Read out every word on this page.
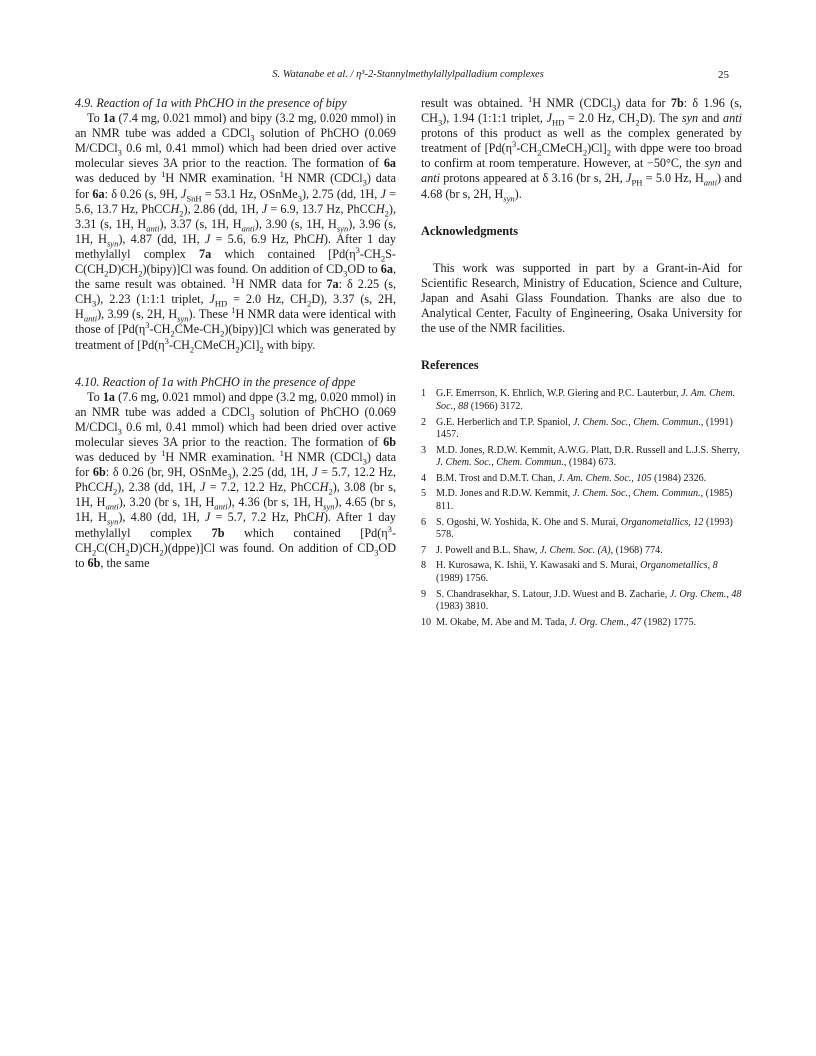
S. Watanabe et al. / η³-2-Stannylmethylallylpalladium complexes	25

4.9. Reaction of 1a with PhCHO in the presence of bipy

To 1a (7.4 mg, 0.021 mmol) and bipy (3.2 mg, 0.020 mmol) in an NMR tube was added a CDCl$_3$ solution of PhCHO (0.069 M/CDCl$_3$ 0.6 ml, 0.41 mmol) which had been dried over active molecular sieves 3A prior to the reaction. The formation of 6a was deduced by $^1$H NMR examination. $^1$H NMR (CDCl$_3$) data for 6a: δ 0.26 (s, 9H, $J_{SnH} = 53.1$ Hz, OSnMe$_3$), 2.75 (dd, 1H, J = 5.6, 13.7 Hz, PhCCH$_2$), 2.86 (dd, 1H, J = 6.9, 13.7 Hz, PhCCH$_2$), 3.31 (s, 1H, $H_{anti}$), 3.37 (s, 1H, $H_{anti}$), 3.90 (s, 1H, $H_{syn}$), 3.96 (s, 1H, $H_{syn}$), 4.87 (dd, 1H, J = 5.6, 6.9 Hz, PhCH). After 1 day methylallyl complex 7a which contained $[Pd(\eta^3-CH_2S-C(CH_2D)CH_2)(bipy)]Cl$ was found. On addition of $CD_3OD$ to 6a, the same result was obtained. $^1$H NMR data for 7a: δ 2.25 (s, $CH_3$), 2.23 (1:1:1 triplet, $J_{HD} = 2.0$ Hz, $CH_2D$), 3.37 (s, 2H, $H_{anti}$), 3.99 (s, 2H, $H_{syn}$). These $^1$H NMR data were identical with those of $[Pd(\eta^3-CH_2CMe-CH_2)(bipy)]Cl$ which was generated by treatment of $[Pd(\eta^3-CH_2CMeCH_2)Cl]_2$ with bipy.

4.10. Reaction of 1a with PhCHO in the presence of dppe

To 1a (7.6 mg, 0.021 mmol) and dppe (3.2 mg, 0.020 mmol) in an NMR tube was added a CDCl$_3$ solution of PhCHO (0.069 M/CDCl$_3$ 0.6 ml, 0.41 mmol) which had been dried over active molecular sieves 3A prior to the reaction. The formation of 6b was deduced by $^1$H NMR examination. $^1$H NMR (CDCl$_3$) data for 6b: δ 0.26 (br, 9H, OSnMe$_3$), 2.25 (dd, 1H, J = 5.7, 12.2 Hz, PhCCH$_2$), 2.38 (dd, 1H, J = 7.2, 12.2 Hz, PhCCH$_2$), 3.08 (br s, 1H, $H_{anti}$), 3.20 (br s, 1H, $H_{anti}$), 4.36 (br s, 1H, $H_{syn}$), 4.65 (br s, 1H, $H_{syn}$), 4.80 (dd, 1H, J = 5.7, 7.2 Hz, PhCH). After 1 day methylallyl complex 7b which contained $[Pd(\eta^3-CH_2C(CH_2D)CH_2)(dppe)]Cl$ was found. On addition of $CD_3OD$ to 6b, the same

result was obtained. $^1$H NMR (CDCl$_3$) data for 7b: δ 1.96 (s, $CH_3$), 1.94 (1:1:1 triplet, $J_{HD} = 2.0$ Hz, $CH_2D$). The syn and anti protons of this product as well as the complex generated by treatment of $[Pd(\eta^3-CH_2CMeCH_2)Cl]_2$ with dppe were too broad to confirm at room temperature. However, at −50°C, the syn and anti protons appeared at δ 3.16 (br s, 2H, $J_{PH} = 5.0$ Hz, $H_{anti}$) and 4.68 (br s, 2H, $H_{syn}$).

Acknowledgments

This work was supported in part by a Grant-in-Aid for Scientific Research, Ministry of Education, Science and Culture, Japan and Asahi Glass Foundation. Thanks are also due to Analytical Center, Faculty of Engineering, Osaka University for the use of the NMR facilities.

References

1 G.F. Emerrson, K. Ehrlich, W.P. Giering and P.C. Lauterbur, J. Am. Chem. Soc., 88 (1966) 3172.
2 G.E. Herberlich and T.P. Spaniol, J. Chem. Soc., Chem. Commun., (1991) 1457.
3 M.D. Jones, R.D.W. Kemmit, A.W.G. Platt, D.R. Russell and L.J.S. Sherry, J. Chem. Soc., Chem. Commun., (1984) 673.
4 B.M. Trost and D.M.T. Chan, J. Am. Chem. Soc., 105 (1984) 2326.
5 M.D. Jones and R.D.W. Kemmit, J. Chem. Soc., Chem. Commun., (1985) 811.
6 S. Ogoshi, W. Yoshida, K. Ohe and S. Murai, Organometallics, 12 (1993) 578.
7 J. Powell and B.L. Shaw, J. Chem. Soc. (A), (1968) 774.
8 H. Kurosawa, K. Ishii, Y. Kawasaki and S. Murai, Organometallics, 8 (1989) 1756.
9 S. Chandrasekhar, S. Latour, J.D. Wuest and B. Zacharie, J. Org. Chem., 48 (1983) 3810.
10 M. Okabe, M. Abe and M. Tada, J. Org. Chem., 47 (1982) 1775.
